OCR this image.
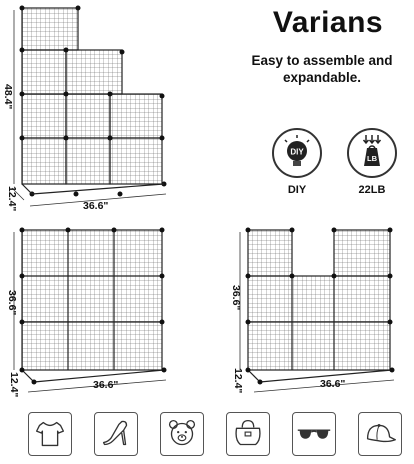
Varians
Easy to assemble and
expandable.
DIY
DIY
LB
22LB
48.4"
12.4"	36.6"
36.6"
12.4"	36.6"
36.6"
12.4"	36.6"
